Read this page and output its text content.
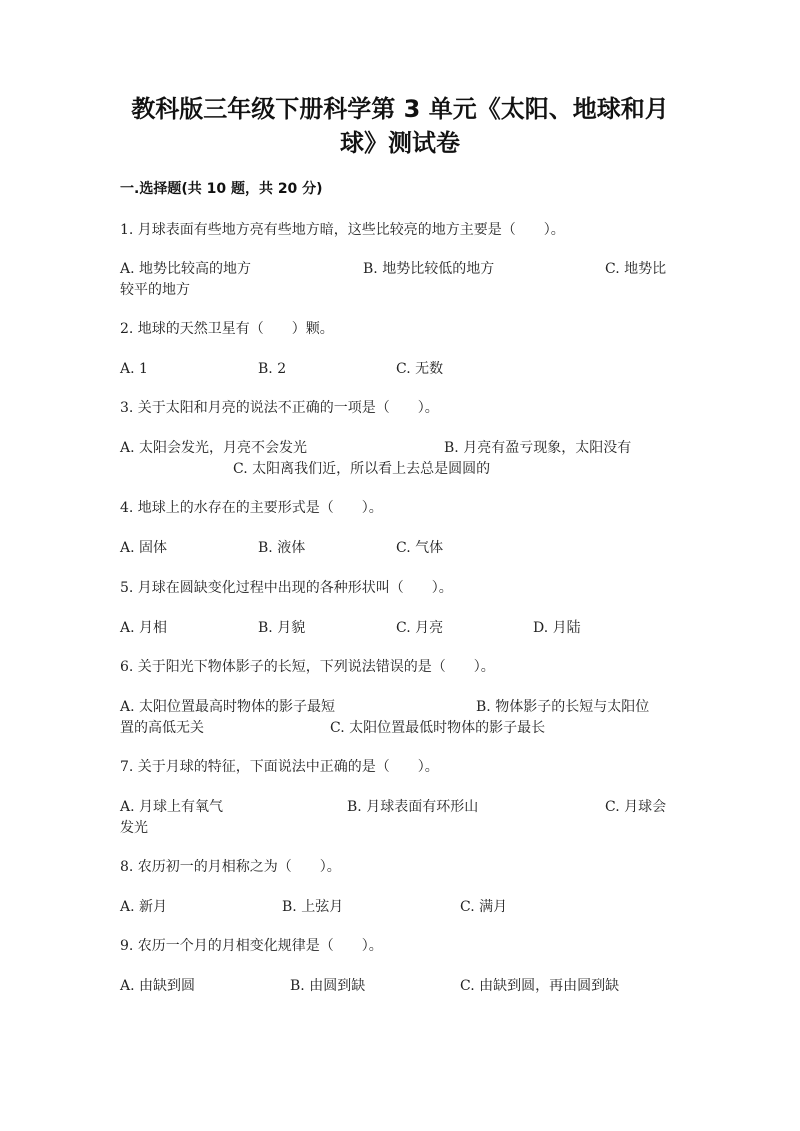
教科版三年级下册科学第 3 单元《太阳、地球和月
球》测试卷
一.选择题(共 10 题，共 20 分)
1. 月球表面有些地方亮有些地方暗，这些比较亮的地方主要是（　　）。
A. 地势比较高的地方	B. 地势比较低的地方	C. 地势比
较平的地方
2. 地球的天然卫星有（　　）颗。
A. 1	B. 2	C. 无数
3. 关于太阳和月亮的说法不正确的一项是（　　）。
A. 太阳会发光，月亮不会发光	B. 月亮有盈亏现象，太阳没有
C. 太阳离我们近，所以看上去总是圆圆的
4. 地球上的水存在的主要形式是（　　）。
A. 固体	B. 液体	C. 气体
5. 月球在圆缺变化过程中出现的各种形状叫（　　）。
A. 月相	B. 月貌	C. 月亮	D. 月陆
6. 关于阳光下物体影子的长短，下列说法错误的是（　　）。
A. 太阳位置最高时物体的影子最短	B. 物体影子的长短与太阳位
置的高低无关	C. 太阳位置最低时物体的影子最长
7. 关于月球的特征，下面说法中正确的是（　　）。
A. 月球上有氧气	B. 月球表面有环形山	C. 月球会
发光
8. 农历初一的月相称之为（　　）。
A. 新月	B. 上弦月	C. 满月
9. 农历一个月的月相变化规律是（　　）。
A. 由缺到圆	B. 由圆到缺	C. 由缺到圆，再由圆到缺
